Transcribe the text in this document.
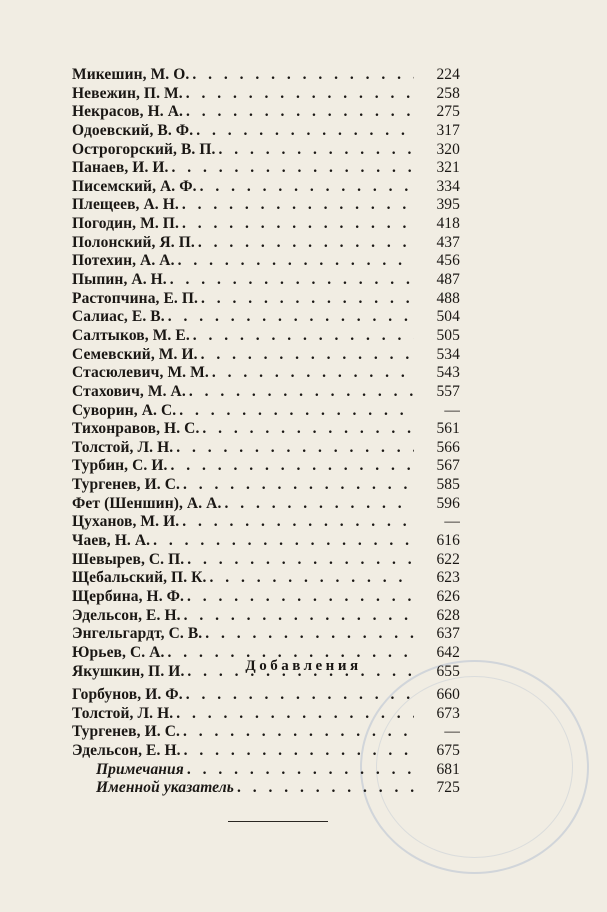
Микешин, М. О. . . .	224
Невежин, П. М. . . .	258
Некрасов, Н. А. . . .	275
Одоевский, В. Ф. . . .	317
Острогорский, В. П. . . .	320
Панаев, И. И. . . .	321
Писемский, А. Ф. . . .	334
Плещеев, А. Н. . . .	395
Погодин, М. П. . . .	418
Полонский, Я. П. . . .	437
Потехин, А. А. . . .	456
Пыпин, А. Н. . . .	487
Растопчина, Е. П. . . .	488
Салиас, Е. В. . . .	504
Салтыков, М. Е. . . .	505
Семевский, М. И. . . .	534
Стасюлевич, М. М. . . .	543
Стахович, М. А. . . .	557
Суворин, А. С. . . .	—
Тихонравов, Н. С. . . .	561
Толстой, Л. Н. . . .	566
Турбин, С. И. . . .	567
Тургенев, И. С. . . .	585
Фет (Шеншин), А. А. . . .	596
Цуханов, М. И. . . .	—
Чаев, Н. А. . . .	616
Шевырев, С. П. . . .	622
Щебальский, П. К. . . .	623
Щербина, Н. Ф. . . .	626
Эдельсон, Е. Н. . . .	628
Энгельгардт, С. В. . . .	637
Юрьев, С. А. . . .	642
Якушкин, П. И. . . .	655
Добавления
Горбунов, И. Ф. . . .	660
Толстой, Л. Н. . . .	673
Тургенев, И. С. . . .	—
Эдельсон, Е. Н. . . .	675
Примечания . . .	681
Именной указатель . . .	725
